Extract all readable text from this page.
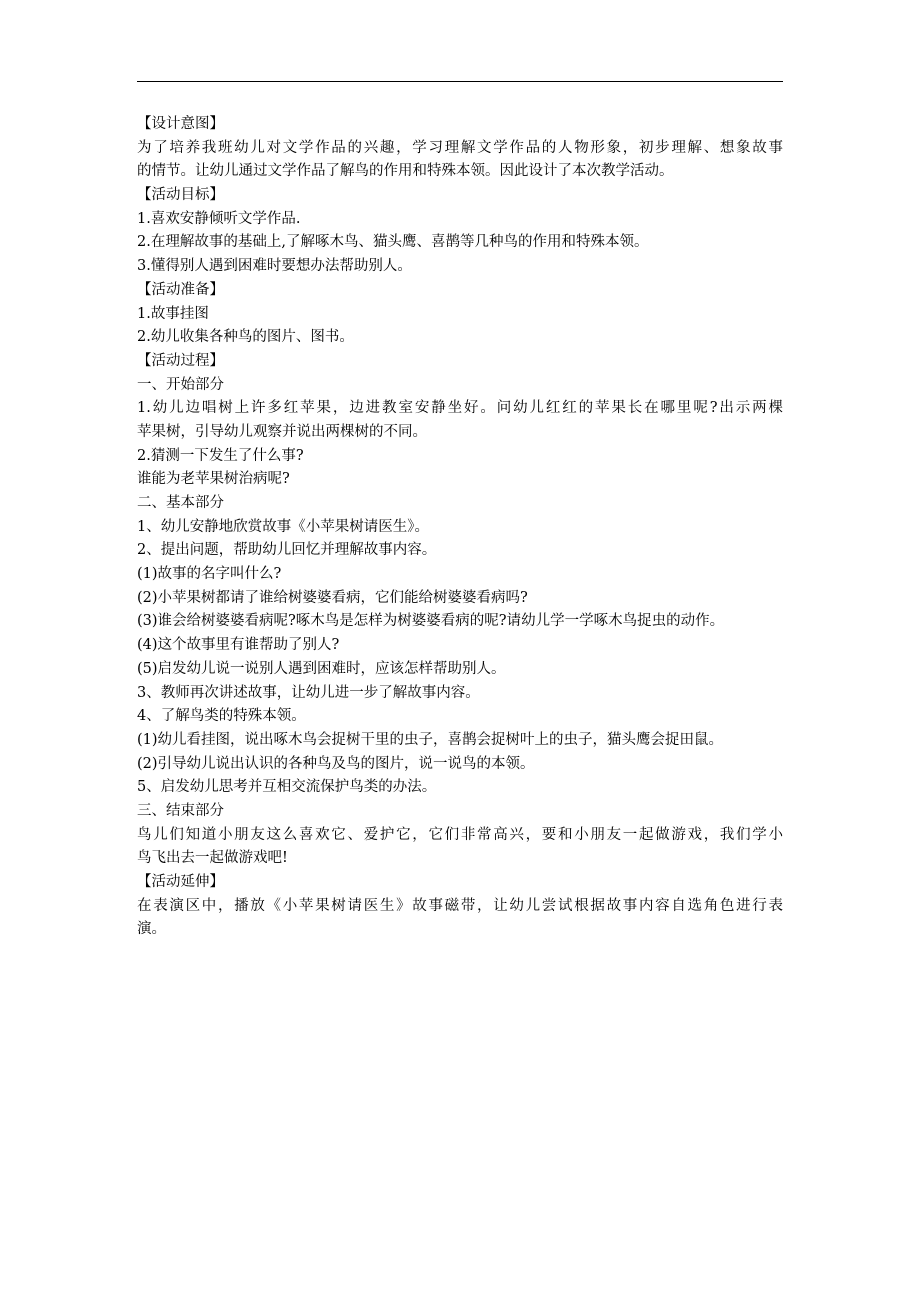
【设计意图】
为了培养我班幼儿对文学作品的兴趣，学习理解文学作品的人物形象，初步理解、想象故事
的情节。让幼儿通过文学作品了解鸟的作用和特殊本领。因此设计了本次教学活动。
【活动目标】
1.喜欢安静倾听文学作品.
2.在理解故事的基础上,了解啄木鸟、猫头鹰、喜鹊等几种鸟的作用和特殊本领。
3.懂得别人遇到困难时要想办法帮助别人。
【活动准备】
1.故事挂图
2.幼儿收集各种鸟的图片、图书。
【活动过程】
一、开始部分
1.幼儿边唱树上许多红苹果，边进教室安静坐好。问幼儿红红的苹果长在哪里呢?出示两棵
苹果树，引导幼儿观察并说出两棵树的不同。
2.猜测一下发生了什么事?
谁能为老苹果树治病呢?
二、基本部分
1、幼儿安静地欣赏故事《小苹果树请医生》。
2、提出问题，帮助幼儿回忆并理解故事内容。
(1)故事的名字叫什么?
(2)小苹果树都请了谁给树婆婆看病，它们能给树婆婆看病吗?
(3)谁会给树婆婆看病呢?啄木鸟是怎样为树婆婆看病的呢?请幼儿学一学啄木鸟捉虫的动作。
(4)这个故事里有谁帮助了别人?
(5)启发幼儿说一说别人遇到困难时，应该怎样帮助别人。
3、教师再次讲述故事，让幼儿进一步了解故事内容。
4、了解鸟类的特殊本领。
(1)幼儿看挂图，说出啄木鸟会捉树干里的虫子，喜鹊会捉树叶上的虫子，猫头鹰会捉田鼠。
(2)引导幼儿说出认识的各种鸟及鸟的图片，说一说鸟的本领。
5、启发幼儿思考并互相交流保护鸟类的办法。
三、结束部分
鸟儿们知道小朋友这么喜欢它、爱护它，它们非常高兴，要和小朋友一起做游戏，我们学小
鸟飞出去一起做游戏吧!
【活动延伸】
在表演区中，播放《小苹果树请医生》故事磁带，让幼儿尝试根据故事内容自选角色进行表
演。
